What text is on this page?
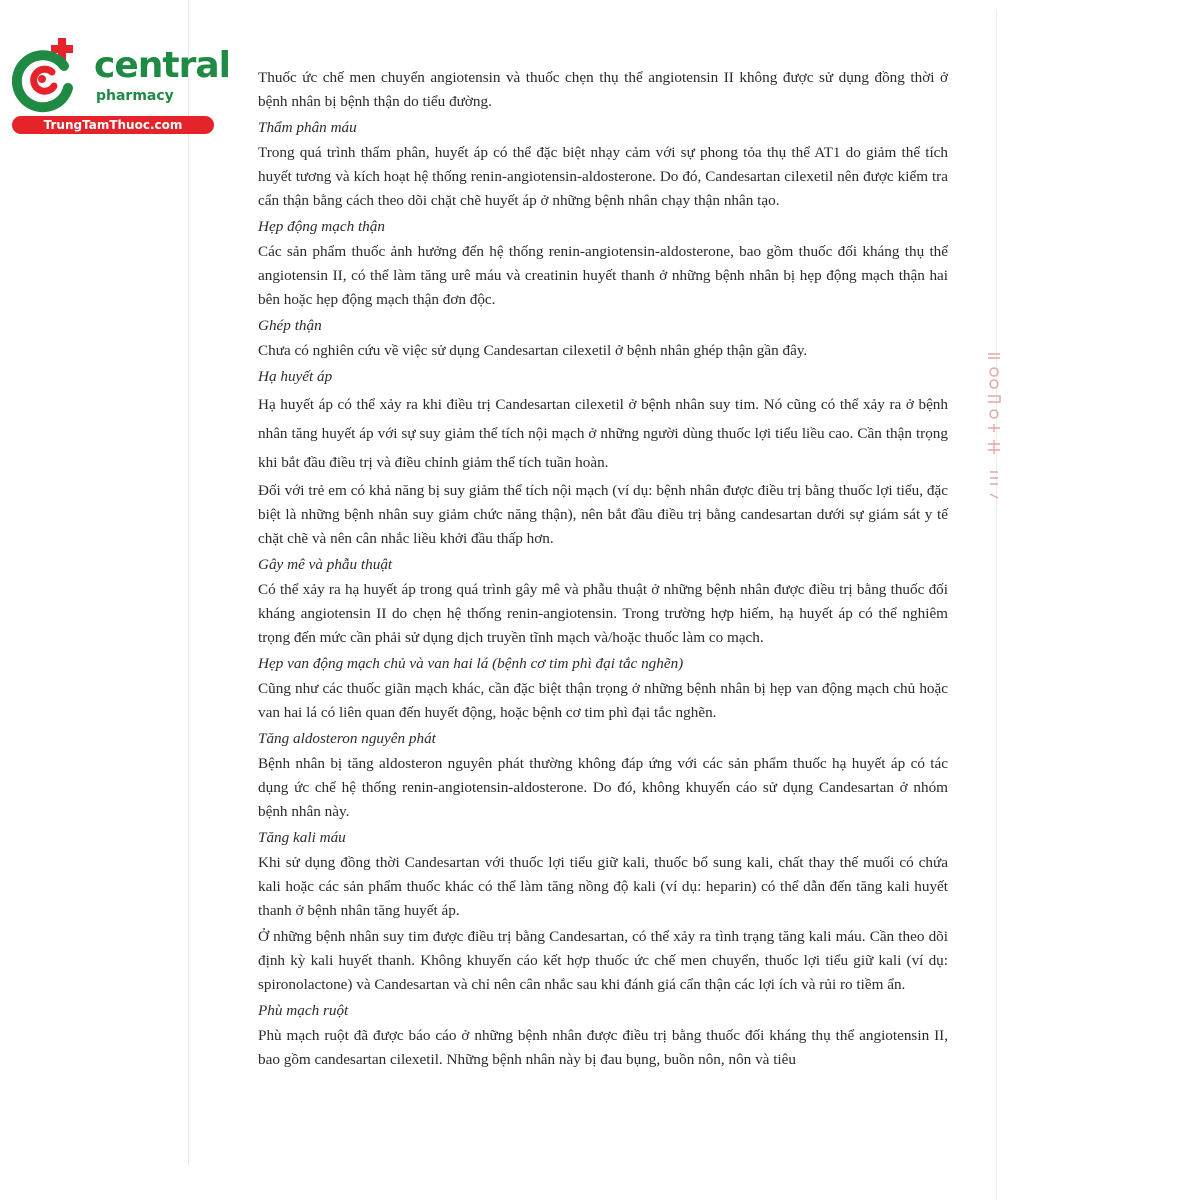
central
pharmacy
TrungTamThuoc.com

Thuốc ức chế men chuyển angiotensin và thuốc chẹn thụ thể angiotensin II không được sử dụng đồng thời ở bệnh nhân bị bệnh thận do tiểu đường.

Thẩm phân máu

Trong quá trình thẩm phân, huyết áp có thể đặc biệt nhạy cảm với sự phong tỏa thụ thể AT1 do giảm thể tích huyết tương và kích hoạt hệ thống renin-angiotensin-aldosterone. Do đó, Candesartan cilexetil nên được kiểm tra cẩn thận bằng cách theo dõi chặt chẽ huyết áp ở những bệnh nhân chạy thận nhân tạo.

Hẹp động mạch thận

Các sản phẩm thuốc ảnh hưởng đến hệ thống renin-angiotensin-aldosterone, bao gồm thuốc đối kháng thụ thể angiotensin II, có thể làm tăng urê máu và creatinin huyết thanh ở những bệnh nhân bị hẹp động mạch thận hai bên hoặc hẹp động mạch thận đơn độc.

Ghép thận

Chưa có nghiên cứu về việc sử dụng Candesartan cilexetil ở bệnh nhân ghép thận gần đây.

Hạ huyết áp

Hạ huyết áp có thể xảy ra khi điều trị Candesartan cilexetil ở bệnh nhân suy tim. Nó cũng có thể xảy ra ở bệnh nhân tăng huyết áp với sự suy giảm thể tích nội mạch ở những người dùng thuốc lợi tiểu liều cao. Cần thận trọng khi bắt đầu điều trị và điều chỉnh giảm thể tích tuần hoàn.

Đối với trẻ em có khả năng bị suy giảm thể tích nội mạch (ví dụ: bệnh nhân được điều trị bằng thuốc lợi tiểu, đặc biệt là những bệnh nhân suy giảm chức năng thận), nên bắt đầu điều trị bằng candesartan dưới sự giám sát y tế chặt chẽ và nên cân nhắc liều khởi đầu thấp hơn.

Gây mê và phẫu thuật

Có thể xảy ra hạ huyết áp trong quá trình gây mê và phẫu thuật ở những bệnh nhân được điều trị bằng thuốc đối kháng angiotensin II do chẹn hệ thống renin-angiotensin. Trong trường hợp hiếm, hạ huyết áp có thể nghiêm trọng đến mức cần phải sử dụng dịch truyền tĩnh mạch và/hoặc thuốc làm co mạch.

Hẹp van động mạch chủ và van hai lá (bệnh cơ tim phì đại tắc nghẽn)

Cũng như các thuốc giãn mạch khác, cần đặc biệt thận trọng ở những bệnh nhân bị hẹp van động mạch chủ hoặc van hai lá có liên quan đến huyết động, hoặc bệnh cơ tim phì đại tắc nghẽn.

Tăng aldosteron nguyên phát

Bệnh nhân bị tăng aldosteron nguyên phát thường không đáp ứng với các sản phẩm thuốc hạ huyết áp có tác dụng ức chế hệ thống renin-angiotensin-aldosterone. Do đó, không khuyến cáo sử dụng Candesartan ở nhóm bệnh nhân này.

Tăng kali máu

Khi sử dụng đồng thời Candesartan với thuốc lợi tiểu giữ kali, thuốc bổ sung kali, chất thay thế muối có chứa kali hoặc các sản phẩm thuốc khác có thể làm tăng nồng độ kali (ví dụ: heparin) có thể dẫn đến tăng kali huyết thanh ở bệnh nhân tăng huyết áp.

Ở những bệnh nhân suy tim được điều trị bằng Candesartan, có thể xảy ra tình trạng tăng kali máu. Cần theo dõi định kỳ kali huyết thanh. Không khuyến cáo kết hợp thuốc ức chế men chuyển, thuốc lợi tiểu giữ kali (ví dụ: spironolactone) và Candesartan và chỉ nên cân nhắc sau khi đánh giá cẩn thận các lợi ích và rủi ro tiềm ẩn.

Phù mạch ruột

Phù mạch ruột đã được báo cáo ở những bệnh nhân được điều trị bằng thuốc đối kháng thụ thể angiotensin II, bao gồm candesartan cilexetil. Những bệnh nhân này bị đau bụng, buồn nôn, nôn và tiêu
